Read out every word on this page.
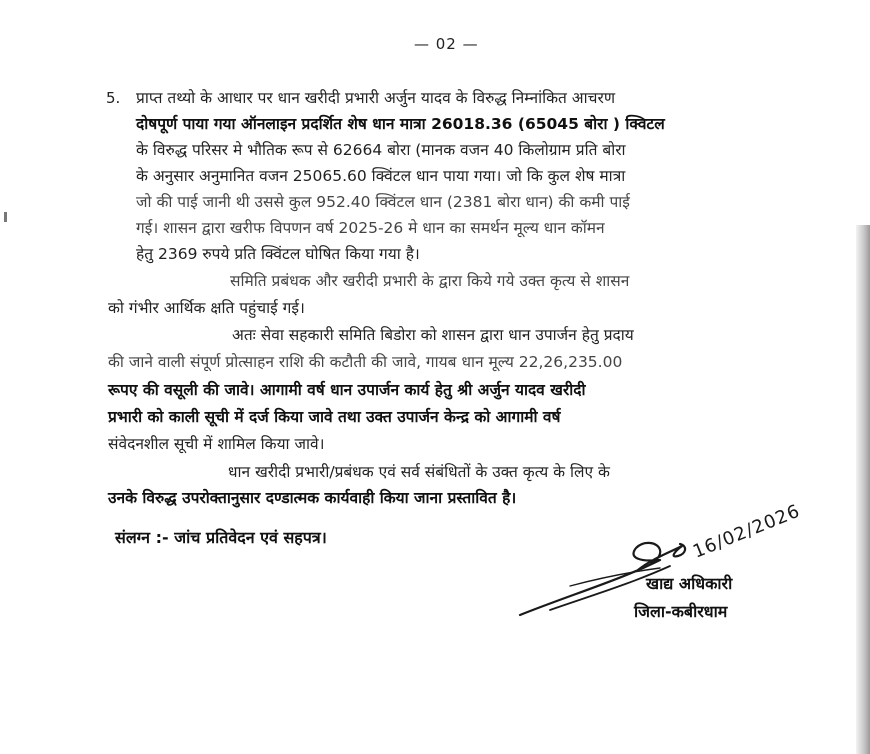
— 02 —
5. प्राप्त तथ्यो के आधार पर धान खरीदी प्रभारी अर्जुन यादव के विरुद्ध निम्नांकित आचरण
दोषपूर्ण पाया गया ऑनलाइन प्रदर्शित शेष धान मात्रा 26018.36 (65045 बोरा ) क्विटल
के विरुद्ध परिसर मे भौतिक रूप से 62664 बोरा (मानक वजन 40 किलोग्राम प्रति बोरा
के अनुसार अनुमानित वजन 25065.60 क्विंटल धान पाया गया। जो कि कुल शेष मात्रा
जो की पाई जानी थी उससे कुल 952.40 क्विंटल धान (2381 बोरा धान) की कमी पाई
गई। शासन द्वारा खरीफ विपणन वर्ष 2025-26 मे धान का समर्थन मूल्य धान कॉमन
हेतु 2369 रुपये प्रति क्विंटल घोषित किया गया है।
समिति प्रबंधक और खरीदी प्रभारी के द्वारा किये गये उक्त कृत्य से शासन
को गंभीर आर्थिक क्षति पहुंचाई गई।
अतः सेवा सहकारी समिति बिडोरा को शासन द्वारा धान उपार्जन हेतु प्रदाय
की जाने वाली संपूर्ण प्रोत्साहन राशि की कटौती की जावे, गायब धान मूल्य 22,26,235.00
रूपए की वसूली की जावे। आगामी वर्ष धान उपार्जन कार्य हेतु श्री अर्जुन यादव खरीदी
प्रभारी को काली सूची में दर्ज किया जावे तथा उक्त उपार्जन केन्द्र को आगामी वर्ष
संवेदनशील सूची में शामिल किया जावे।
धान खरीदी प्रभारी/प्रबंधक एवं सर्व संबंधितों के उक्त कृत्य के लिए के
उनके विरुद्ध उपरोक्तानुसार दण्डात्मक कार्यवाही किया जाना प्रस्तावित है।
संलग्न :- जांच प्रतिवेदन एवं सहपत्र।	16/02/2026
खाद्य अधिकारी
जिला-कबीरधाम
